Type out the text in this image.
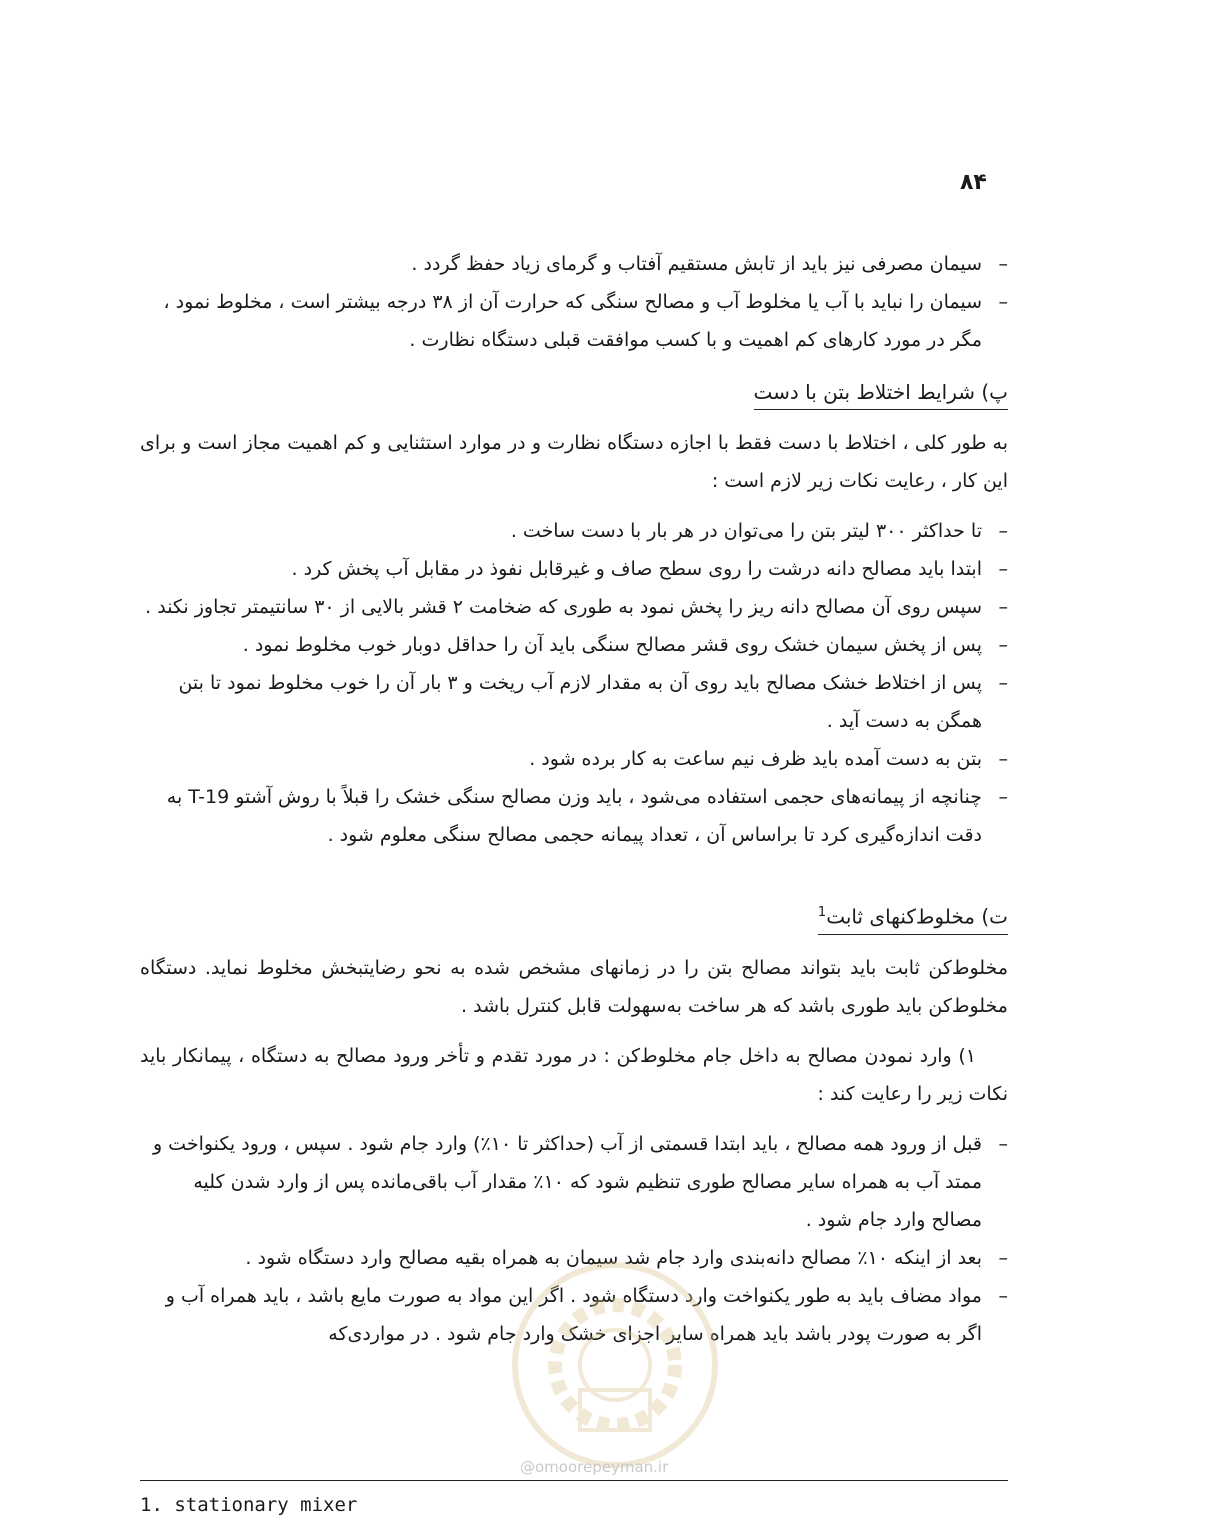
۸۴
– سیمان مصرفی نیز باید از تابش مستقیم آفتاب و گرمای زیاد حفظ گردد .
– سیمان را نباید با آب یا مخلوط آب و مصالح سنگی که حرارت آن از ۳۸ درجه بیشتر است ، مخلوط نمود ، مگر در مورد کارهای کم اهمیت و با کسب موافقت قبلی دستگاه نظارت .
پ) شرایط اختلاط بتن با دست

به طور کلی ، اختلاط با دست فقط با اجازه دستگاه نظارت و در موارد استثنایی و کم اهمیت مجاز است و برای این کار ، رعایت نکات زیر لازم است :

– تا حداکثر ۳۰۰ لیتر بتن را می‌توان در هر بار با دست ساخت .
– ابتدا باید مصالح دانه درشت را روی سطح صاف و غیرقابل نفوذ در مقابل آب پخش کرد .
– سپس روی آن مصالح دانه ریز را پخش نمود به طوری که ضخامت ۲ قشر بالایی از ۳۰ سانتیمتر تجاوز نکند .
– پس از پخش سیمان خشک روی قشر مصالح سنگی باید آن را حداقل دوبار خوب مخلوط نمود .
– پس از اختلاط خشک مصالح باید روی آن به مقدار لازم آب ریخت و ۳ بار آن را خوب مخلوط نمود تا بتن همگن به دست آید .
– بتن به دست آمده باید ظرف نیم ساعت به کار برده شود .
– چنانچه از پیمانه‌های حجمی استفاده می‌شود ، باید وزن مصالح سنگی خشک را قبلاً با روش آشتو T-19 به دقت اندازه‌گیری کرد تا براساس آن ، تعداد پیمانه حجمی مصالح سنگی معلوم شود .
ت) مخلوط‌کنهای ثابت$^1$

مخلوط‌کن ثابت باید بتواند مصالح بتن را در زمانهای مشخص شده به نحو رضایتبخش مخلوط نماید. دستگاه مخلوط‌کن باید طوری باشد که هر ساخت به‌سهولت قابل کنترل باشد .

۱) وارد نمودن مصالح به داخل جام مخلوط‌کن : در مورد تقدم و تأخر ورود مصالح به دستگاه ، پیمانکار باید نکات زیر را رعایت کند :

– قبل از ورود همه مصالح ، باید ابتدا قسمتی از آب (حداکثر تا ۱۰٪) وارد جام شود . سپس ، ورود یکنواخت و ممتد آب به همراه سایر مصالح طوری تنظیم شود که ۱۰٪ مقدار آب باقی‌مانده پس از وارد شدن کلیه مصالح وارد جام شود .
– بعد از اینکه ۱۰٪ مصالح دانه‌بندی وارد جام شد سیمان به همراه بقیه مصالح وارد دستگاه شود .
– مواد مضاف باید به طور یکنواخت وارد دستگاه شود . اگر این مواد به صورت مایع باشد ، باید همراه آب و اگر به صورت پودر باشد باید همراه سایر اجزای خشک وارد جام شود . در مواردی‌که
@omoorepeyman.ir
1. stationary mixer
